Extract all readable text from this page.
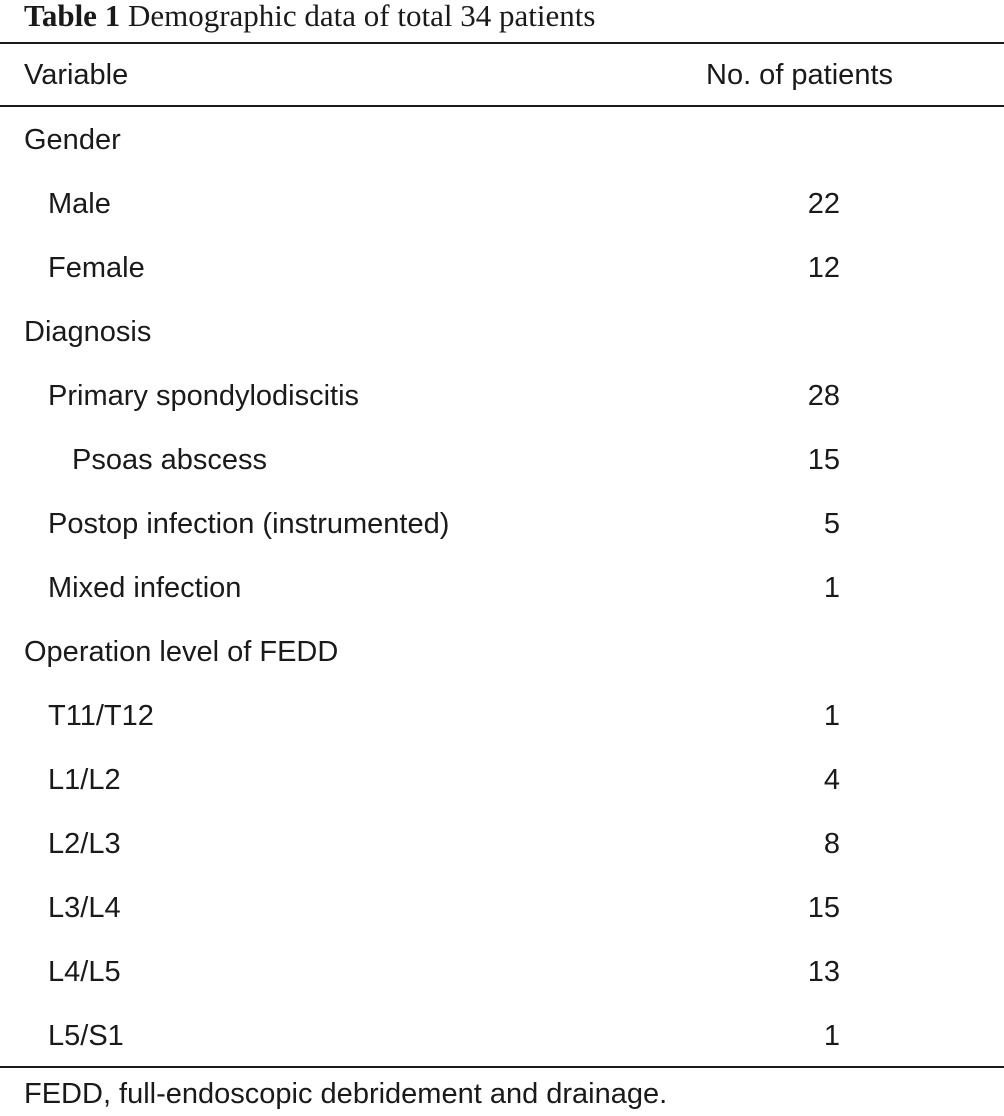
Table 1 Demographic data of total 34 patients
Variable	No. of patients
Gender
Male	22
Female	12
Diagnosis
Primary spondylodiscitis	28
Psoas abscess	15
Postop infection (instrumented)	5
Mixed infection	1
Operation level of FEDD
T11/T12	1
L1/L2	4
L2/L3	8
L3/L4	15
L4/L5	13
L5/S1	1
FEDD, full-endoscopic debridement and drainage.
